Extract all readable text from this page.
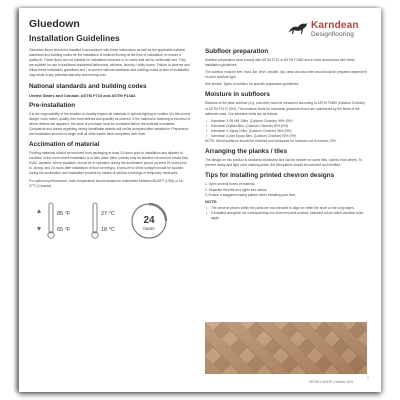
Gluedown
Installation Guidelines
Karndean
Designflooring

Gluedown floors should be installed in accordance with these instructions as well as the applicable national standards and building codes for the installation of resilient flooring at the time of installation, to ensure a quality fit. These floors are not suitable for installation outdoors or in rooms that will be continually wet. They are suitable for use in traditional residential bathrooms, kitchens, laundry / utility rooms. Failure to observe and follow these installation guidelines and / or current national standards and building codes at time of installation may result in any potential warranty claim being void.

National standards and building codes
United States and Canada: ASTM F710 and ASTM F1482.
Pre-installation

It is the responsibility of the installer to visually inspect all materials in optimal lighting to confirm it is the correct design, color, batch, quality, free from defects and quantity as ordered. If the material or batching is incorrect or where defects are apparent, the store of purchase must be contacted before the material is installed. Complaints and claims regarding clearly identifiable defects will not be accepted after installation. Preparation and installation should not begin until all other trades have completed their work.

Acclimation of material

Flooring materials should be removed from packaging at least 24 hours prior to installation and allowed to condition in the room where installation is to take place (tiles / planks may be stacked but must be rested flat). HVAC systems, where available, should be in operation during the acclimation period (at least 24 hours prior to, during, and 24 hours after installation of floor coverings). Exposure to direct sunlight should be avoided during the acclimation and installation process by means of window coverings or temporary measures.

For optimum performance, room temperature should always be maintained between 65-85°F (USA) or 18-27°C (Canada).

85 °F
65 °F
27 °C
18 °C
24
hours
Subfloor preparation

Subfloor preparation must comply with ASTM F710 or ASTM F1482 and in strict accordance with these installation guidelines.

The subfloor must be firm, hard, flat, level, smooth, dry, clean and dust free and should be prepared dependent on your subfloor type.

See section Types of subfloor for specific preparation guidelines.

Moisture in subfloors

Moisture of the base subfloor (e.g. concrete) must be measured according to ASTM F1869 (Calcium Chloride) or ASTM F2170 (RH). The moisture limits for Karndean gluedown floors are maintained by the limits of the adhesive used. Our adhesive limits are as follows:

• Karndean X-99 HM 15lbs. (Calcium Chloride) 99% (RH)
• Karndean Dryfast 8lbs. (Calcium Chloride) 90% (RH)
• Karndean X-Spray 10lbs. (Calcium Chloride) 98% (RH)
• Karndean 2-part Epoxy 8lbs. (Calcium Chloride) 90% (RH)

NOTE: Wood subfloors should be checked and measured for moisture not to exceed 13%.

Arranging the planks / tiles

The design on this product is randomly distributed and can be heavier on some tiles / planks than others. To prevent heavy and light color shading areas, the tiles/planks should be unboxed and shuffled.

Tips for installing printed chevron designs
1. Open several boxes of material.
2. Separate the lefts and rights into stacks.
3. Ensure a staggered laying pattern when installing your floor.
NOTE:
• The chevron pieces within the plank are not intended to align on either the short or the long edges.
• If installed alongside our corresponding non-chevron plank product, standard colour batch variation rules apply.
1
INSTALLGUIDE | October 2021
